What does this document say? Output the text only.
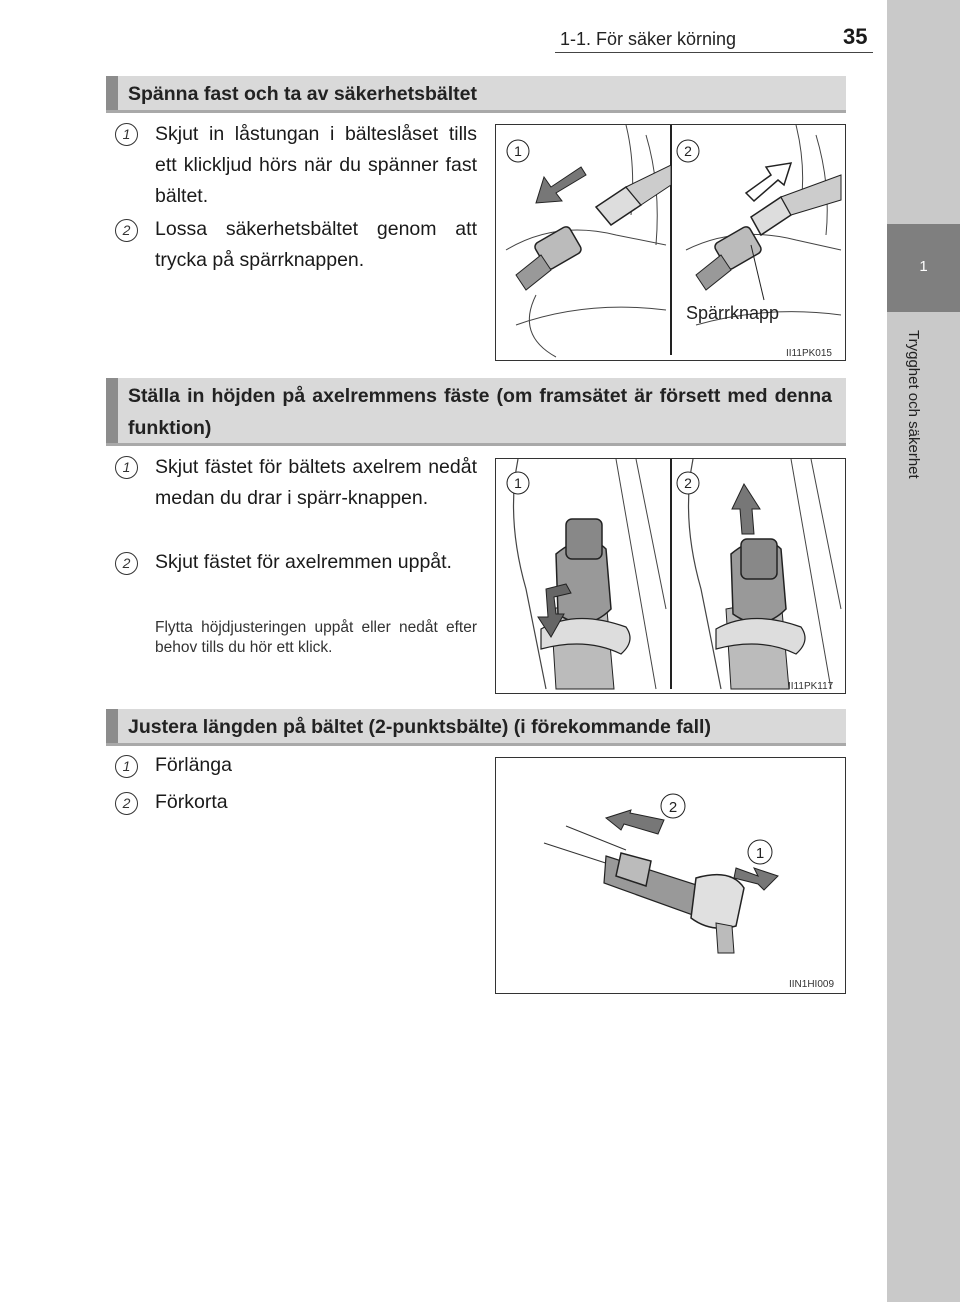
1
Trygghet och säkerhet
1-1. För säker körning	35
Spänna fast och ta av säkerhetsbältet
1	Skjut in låstungan i bälteslåset tills ett klickljud hörs när du spänner fast bältet.
2	Lossa säkerhetsbältet genom att trycka på spärrknappen.
1	2
Spärrknapp
II11PK015
Ställa in höjden på axelremmens fäste (om framsätet är försett med denna funktion)
1	Skjut fästet för bältets axelrem nedåt medan du drar i spärr-knappen.
2	Skjut fästet för axelremmen uppåt.
Flytta höjdjusteringen uppåt eller nedåt efter behov tills du hör ett klick.
1	2
II11PK117
Justera längden på bältet (2-punktsbälte) (i förekommande fall)
1	Förlänga
2	Förkorta	2
1
IIN1HI009
